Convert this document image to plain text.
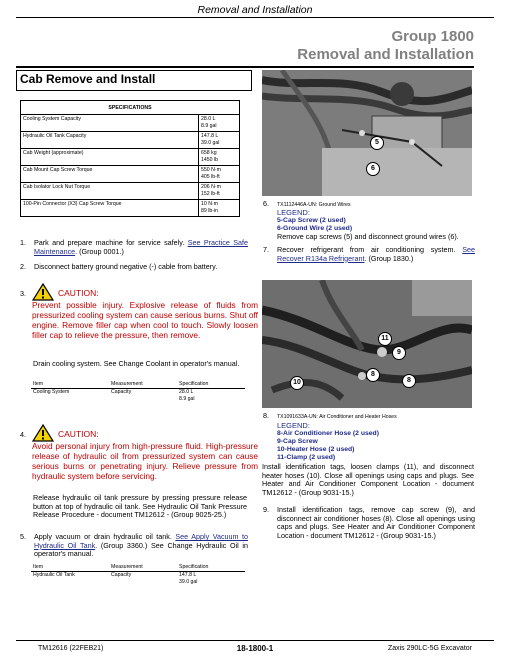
Removal and Installation
Group 1800
Removal and Installation
Cab Remove and Install
SPECIFICATIONS	
Cooling System Capacity	28.0 L
8.9 gal

Hydraulic Oil Tank Capacity	147.8 L
39.0 gal

Cab Weight (approximate)	658 kg
1450 lb

Cab Mount Cap Screw Torque	550 N·m
405 lb-ft

Cab Isolator Lock Nut Torque	206 N·m
152 lb-ft

100-Pin Connector (X3) Cap Screw Torque	10 N·m
89 lb-in
1. Park and prepare machine for service safely. See Practice Safe Maintenance. (Group 0001.)
2. Disconnect battery ground negative (-) cable from battery.
3.	CAUTION:
Prevent possible injury. Explosive release of fluids from pressurized cooling system can cause serious burns. Shut off engine. Remove filler cap when cool to touch. Slowly loosen filler cap to relieve the pressure, then remove.
Drain cooling system. See Change Coolant in operator's manual.
Item	Measurement	Specification
Cooling System	Capacity	28.0 L
8.9 gal
4.	CAUTION:
Avoid personal injury from high-pressure fluid. High-pressure release of hydraulic oil from pressurized system can cause serious burns or penetrating injury. Relieve pressure from hydraulic system before servicing.
Release hydraulic oil tank pressure by pressing pressure release button at top of hydraulic oil tank. See Hydraulic Oil Tank Pressure Release Procedure - document TM12612 - (Group 9025-25.)
5. Apply vacuum or drain hydraulic oil tank. See Apply Vacuum to Hydraulic Oil Tank. (Group 3360.) See Change Hydraulic Oil in operator's manual.
Item	Measurement	Specification
Hydraulic Oil Tank	Capacity	147.8 L
39.0 gal
5
6
6. TX1112446A-UN: Ground Wires
LEGEND:
5-Cap Screw (2 used)
6-Ground Wire (2 used)
Remove cap screws (5) and disconnect ground wires (6).
7. Recover refrigerant from air conditioning system. See Recover R134a Refrigerant. (Group 1830.)
11
9
8
10	8
8. TX1091633A-UN: Air Conditioner and Heater Hoses
LEGEND:
8-Air Conditioner Hose (2 used)
9-Cap Screw
10-Heater Hose (2 used)
11-Clamp (2 used)
Install identification tags, loosen clamps (11), and disconnect heater hoses (10). Close all openings using caps and plugs. See Heater and Air Conditioner Component Location - document TM12612 - (Group 9031-15.)
9. Install identification tags, remove cap screw (9), and disconnect air conditioner hoses (8). Close all openings using caps and plugs. See Heater and Air Conditioner Component Location - document TM12612 - (Group 9031-15.)
TM12616 (22FEB21)	18-1800-1	Zaxis 290LC-5G Excavator
